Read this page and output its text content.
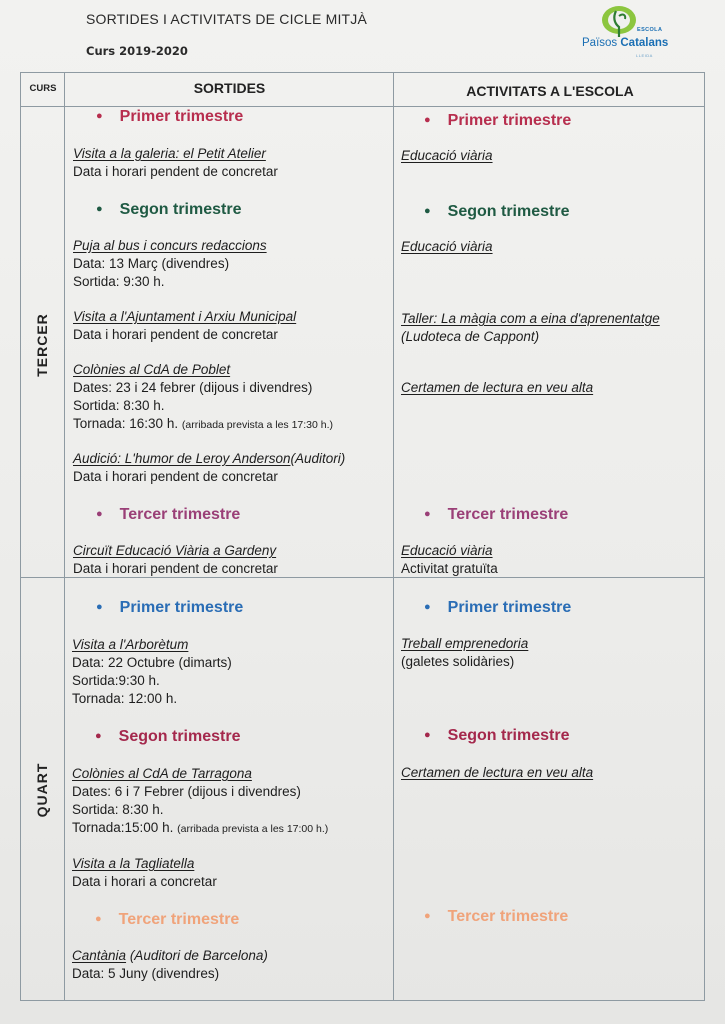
SORTIDES I ACTIVITATS DE CICLE MITJÀ
Curs 2019-2020
ESCOLA
Països Catalans
LLEIDA
CURS	SORTIDES	ACTIVITATS A L'ESCOLA
TERCER
QUART
● Primer trimestre
Visita a la galeria: el Petit Atelier
Data i horari pendent de concretar
● Segon trimestre
Puja al bus i concurs redaccions
Data: 13 Març (divendres)
Sortida: 9:30 h.
Visita a l'Ajuntament i Arxiu Municipal
Data i horari pendent de concretar
Colònies al CdA de Poblet
Dates: 23 i 24 febrer (dijous i divendres)
Sortida: 8:30 h.
Tornada: 16:30 h. (arribada prevista a les 17:30 h.)
Audició: L'humor de Leroy Anderson(Auditori)
Data i horari pendent de concretar
● Tercer trimestre
Circuït Educació Viària a Gardeny
Data i horari pendent de concretar
● Primer trimestre
Educació viària
● Segon trimestre
Educació viària
Taller: La màgia com a eina d'aprenentatge
(Ludoteca de Cappont)
Certamen de lectura en veu alta
● Tercer trimestre
Educació viària
Activitat gratuïta
● Primer trimestre
Visita a l'Arborètum
Data: 22 Octubre (dimarts)
Sortida:9:30 h.
Tornada: 12:00 h.
● Segon trimestre
Colònies al CdA de Tarragona
Dates: 6 i 7 Febrer (dijous i divendres)
Sortida: 8:30 h.
Tornada:15:00 h. (arribada prevista a les 17:00 h.)
Visita a la Tagliatella
Data i horari a concretar
● Tercer trimestre
Cantània (Auditori de Barcelona)
Data: 5 Juny (divendres)
● Primer trimestre
Treball emprenedoria
(galetes solidàries)
● Segon trimestre
Certamen de lectura en veu alta
● Tercer trimestre
